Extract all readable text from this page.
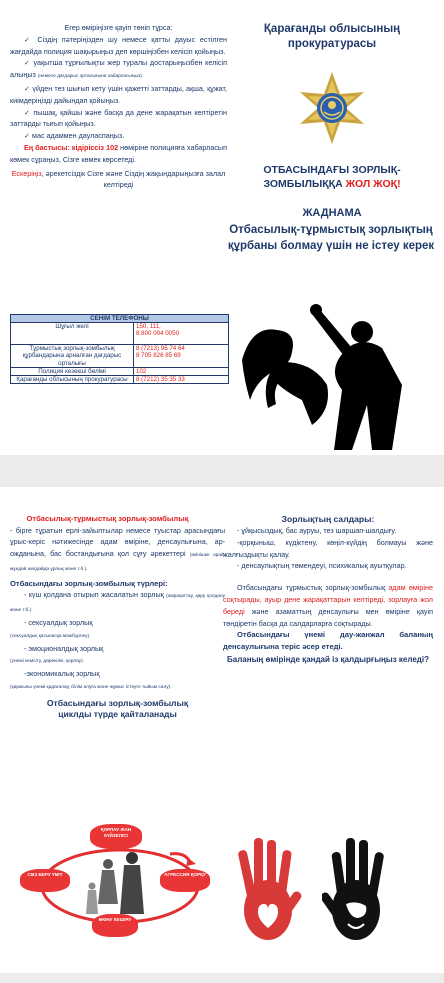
Егер өміріңізге қауіп төніп тұрса:
✓ Сіздің пәтеріңізден шу немесе қатты дауыс естілген жағдайда полиция шақырыңыз деп көршіңізбен келісіп қойыңыз.
✓ уақытша тұрғылықты жер туралы достарыңызбен келісіп алыңыз (немесе дағдарыс орталығына хабарласыңыз).
✓ үйден тез шығып кету үшін қажетті заттарды, ақша, құжат, киімдеріңізді дайындап қойыңыз.
✓ пышақ, қайшы және басқа да дене жарақатын келтіретін заттарды тығып қойыңыз.
✓ мас адаммен дауласпаңыз.
Ең бастысы: кідіріссіз 102 нөміріне полицияға хабарласып көмек сұраңыз, Сізге көмек көрсетеді.
Ескеріңіз, әрекетсіздік Сізге және Сіздің жақындарыңызға залал келтіреді
СЕНІМ ТЕЛЕФОНЫ	
Шұғыл желі	150, 111,
8 800 004 0050
Тұрмыстық зорлық-зомбылық құрбандарына арналған дағдарыс орталығы	8 (7213) 95 74 64
8 705 826 85 69
Полиция кезекші бөлімі	102
Қарағанды облысының прокуратурасы	8 (7212) 35 35 33
Қарағанды облысының прокуратурасы
ОТБАСЫНДАҒЫ ЗОРЛЫҚ-
ЗОМБЫЛЫҚҚА ЖОЛ ЖОҚ!
ЖАДНАМА
Отбасылық-тұрмыстық зорлықтың құрбаны болмау үшін не істеу керек
Отбасылық-тұрмыстық зорлық-зомбылық
- бірге тұратын ерлі-зайыптылар немесе туыстар арасындағы ұрыс-керіс нәтижесінде адам өміріне, денсаулығына, ар-ожданына, бас бостандығына қол сұғу әрекеттері (өкінішке орай, мұндай жағдайда ұрлық және т.б.).
Отбасындағы зорлық-зомбылық түрлері:
- күш қолдана отырып жасалатын зорлық (жарақаттау, қару қолдану және т.б.).
- сексуалдық зорлық
(сексуалдық қатынасқа мәжбүрлеу).
- эмоционалдық зорлық
(үнемі кемсіту, дөрекілік, қорлау).
-экономикалық зорлық
(қаржыны үнемі қадағалау, білім алуға және жұмыс істеуге тыйым салу).
Отбасындағы зорлық-зомбылық циклды түрде қайталанады
ҚОРЛАУ ЖАН КҮЙЗЕЛІСІ
СӨЗ БЕРУ ҮМІТ	АГРЕССИЯ ҚОРҚУ
ӨКІНУ КЕШІРУ
Зорлықтың салдары:
- ұйқысыздық, бас ауруы, тез шаршап-шалдығу.
-қорқыныш, күдіктену, көңіл-күйдің болмауы және жалғыздықты қалау.
- денсаулықтың төмендеуі, психикалық ауытқулар.
Отбасындағы тұрмыстық зорлық-зомбылық адам өміріне соқтырады, ауыр дене жарақаттарын келтіреді, зорлауға жол береді және азаматтың денсаулығы мен өміріне қауіп төндіретін басқа да салдарларға соқтырады.
Отбасындағы үнемі дау-жанжал баланың денсаулығына теріс әсер етеді.
Баланың өмірінде қандай із қалдырғыңыз келеді?
